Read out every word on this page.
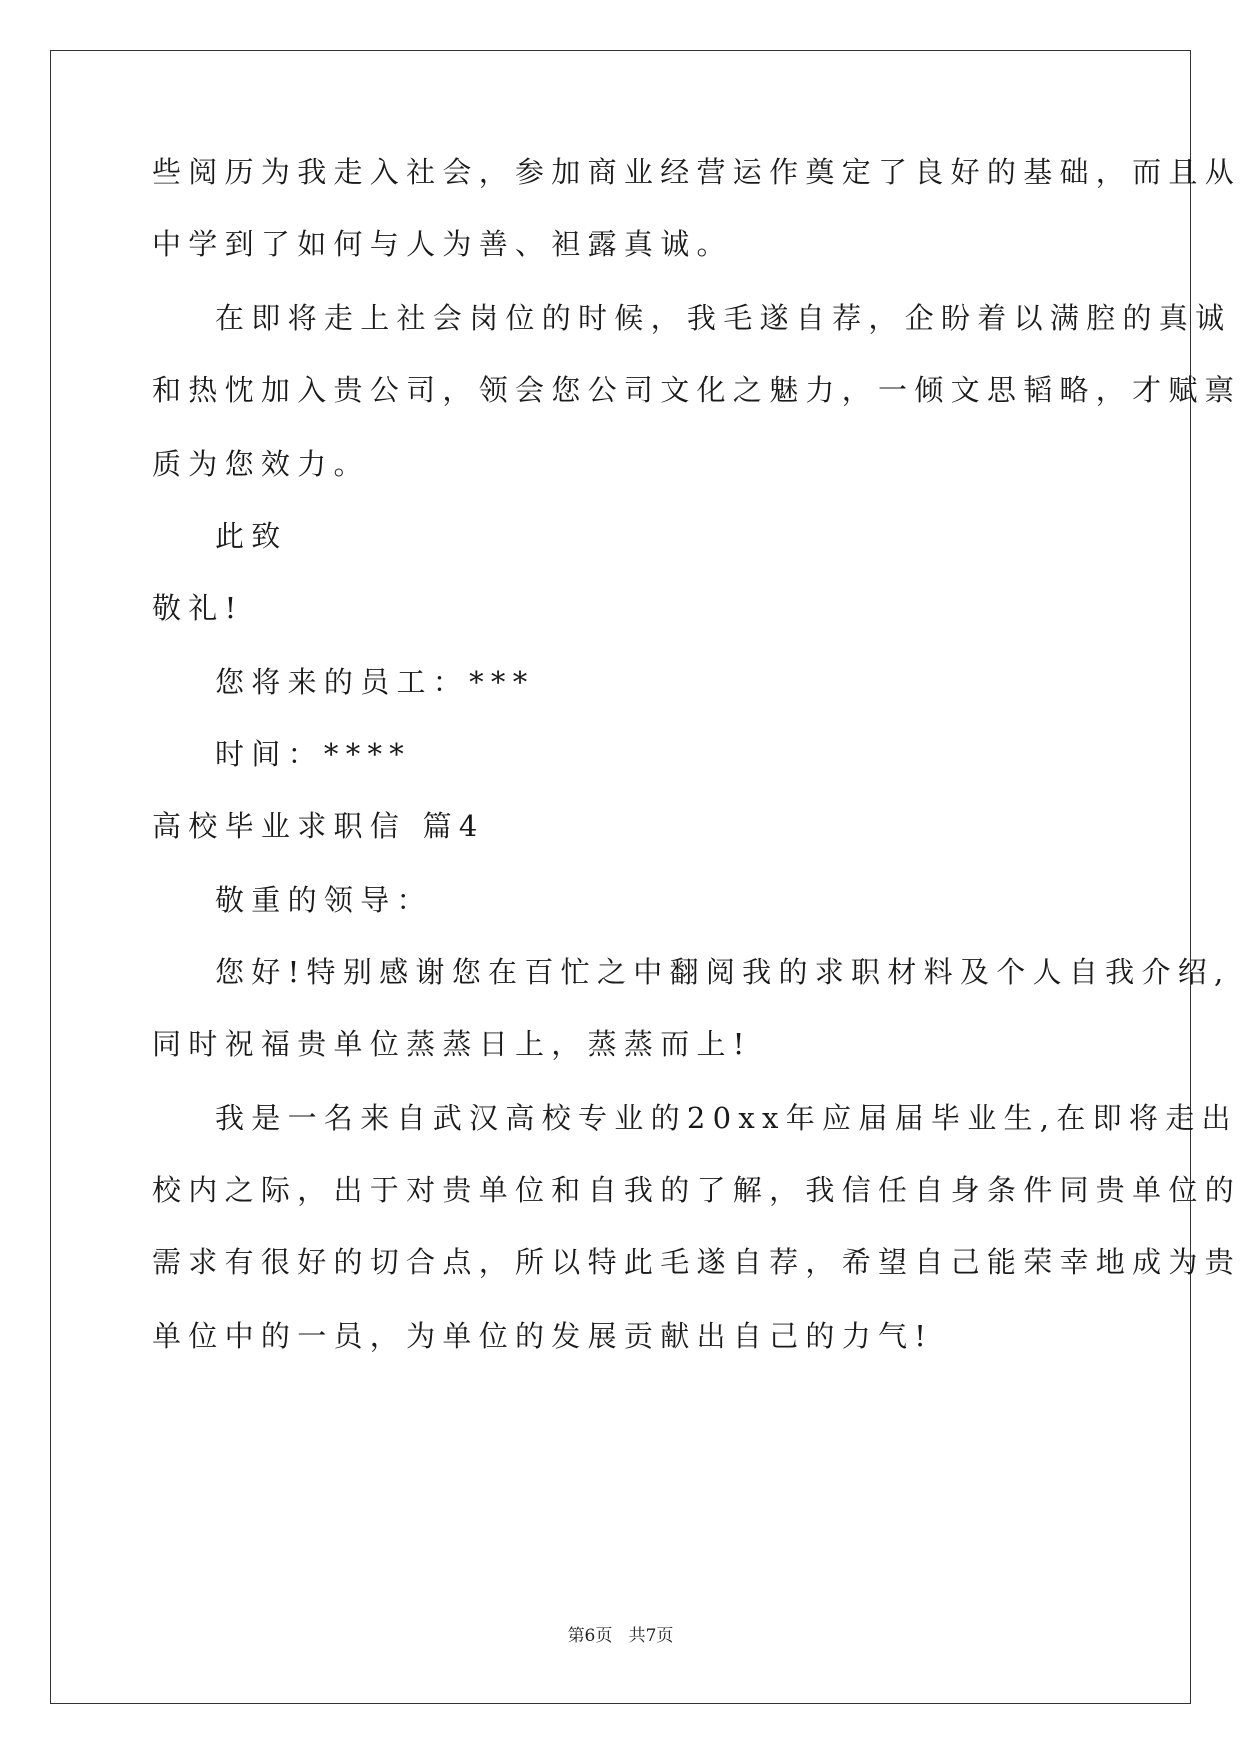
些阅历为我走入社会，参加商业经营运作奠定了良好的基础，而且从
中学到了如何与人为善、袒露真诚。
在即将走上社会岗位的时候，我毛遂自荐，企盼着以满腔的真诚
和热忱加入贵公司，领会您公司文化之魅力，一倾文思韬略，才赋禀
质为您效力。
此致
敬礼!
您将来的员工：***
时间：****
高校毕业求职信 篇4
敬重的领导：
您好!特别感谢您在百忙之中翻阅我的求职材料及个人自我介绍,
同时祝福贵单位蒸蒸日上，蒸蒸而上!
我是一名来自武汉高校专业的20xx年应届届毕业生,在即将走出
校内之际，出于对贵单位和自我的了解，我信任自身条件同贵单位的
需求有很好的切合点，所以特此毛遂自荐，希望自己能荣幸地成为贵
单位中的一员，为单位的发展贡献出自己的力气!
第6页 共7页
